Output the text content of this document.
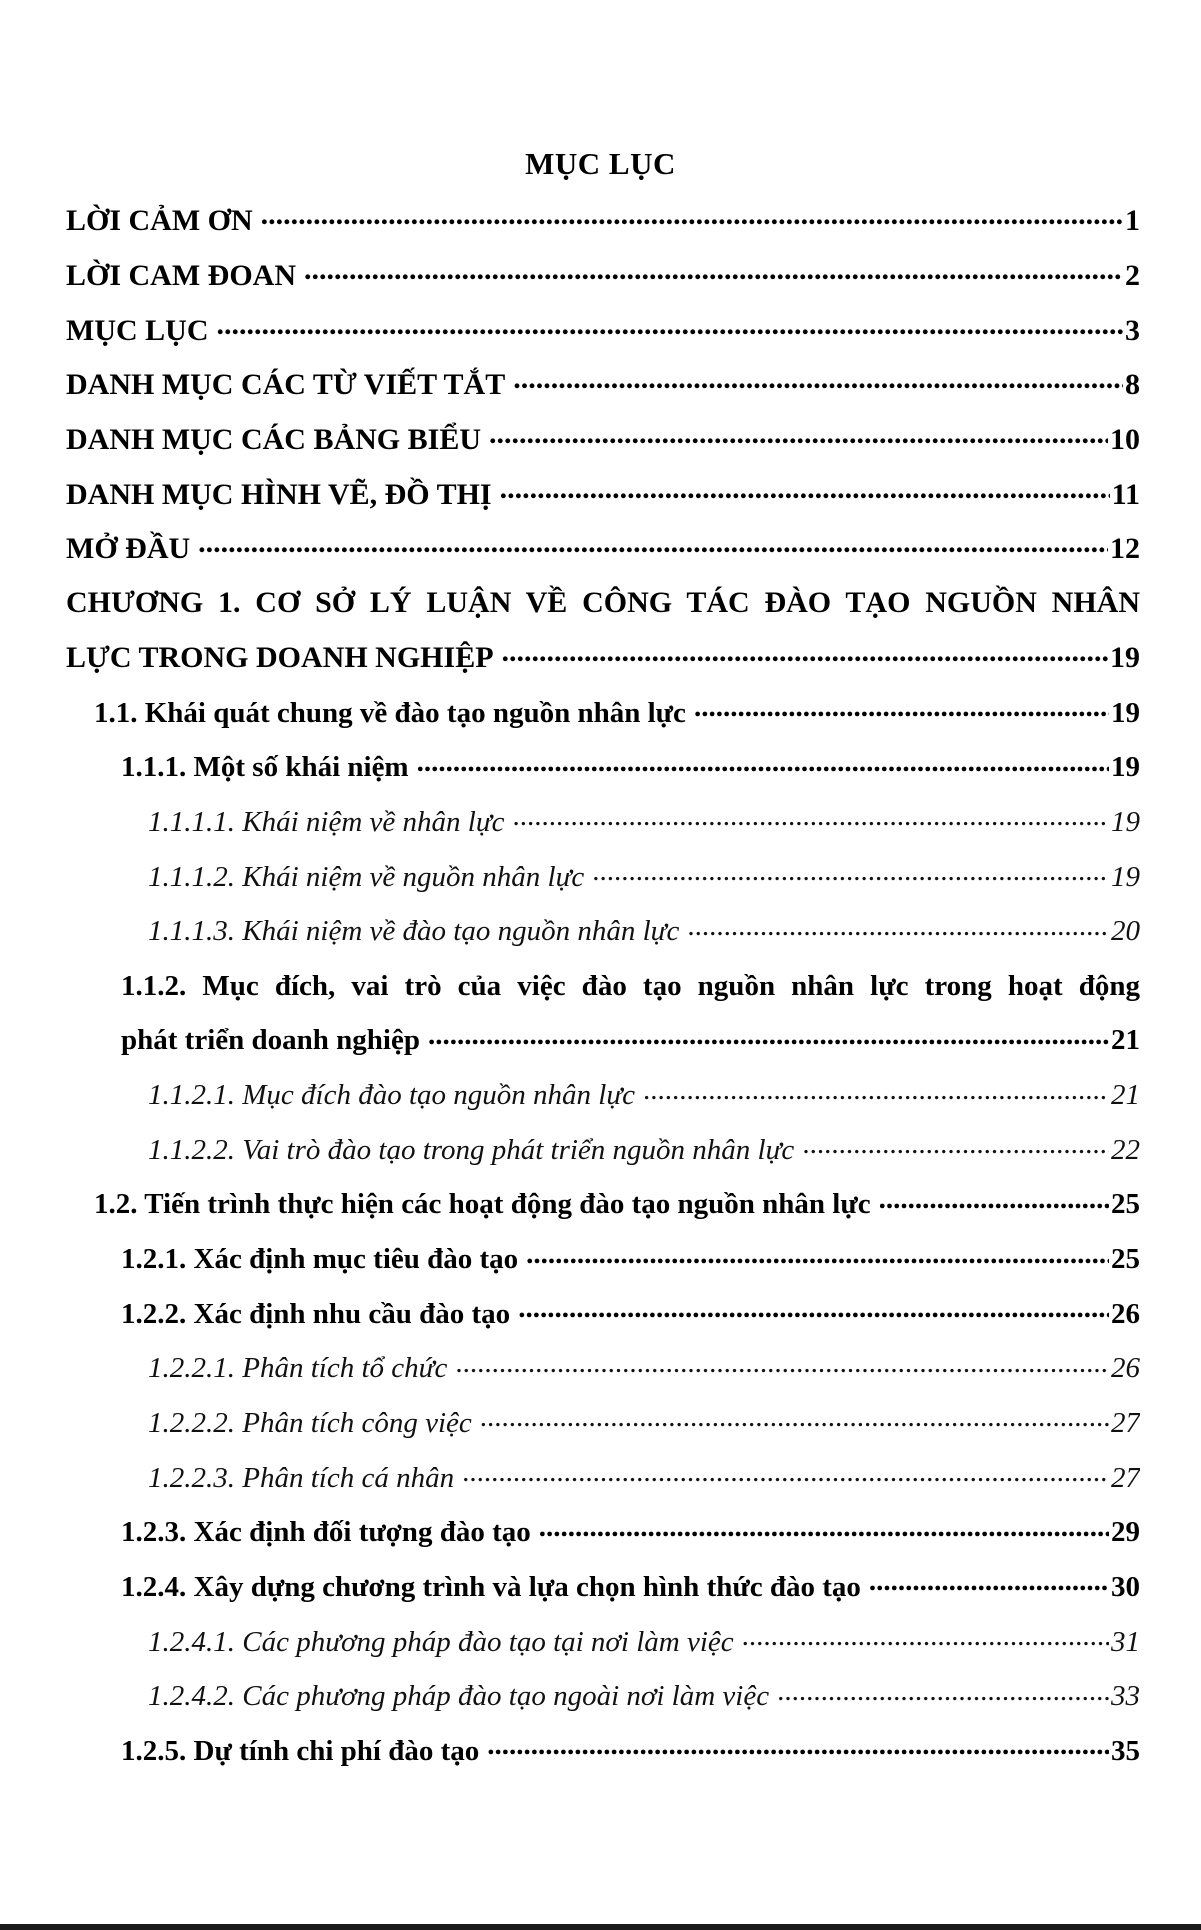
MỤC LỤC
LỜI CẢM ƠN .....	1
LỜI CAM ĐOAN .....	2
MỤC LỤC .....	3
DANH MỤC CÁC TỪ VIẾT TẮT .....	8
DANH MỤC CÁC BẢNG BIỂU .....	10
DANH MỤC HÌNH VẼ, ĐỒ THỊ .....	11
MỞ ĐẦU .....	12
CHƯƠNG 1. CƠ SỞ LÝ LUẬN VỀ CÔNG TÁC ĐÀO TẠO NGUỒN NHÂN
LỰC TRONG DOANH NGHIỆP .....	19
1.1. Khái quát chung về đào tạo nguồn nhân lực .....	19
1.1.1. Một số khái niệm .....	19
1.1.1.1. Khái niệm về nhân lực .....	19
1.1.1.2. Khái niệm về nguồn nhân lực .....	19
1.1.1.3. Khái niệm về đào tạo nguồn nhân lực .....	20
1.1.2. Mục đích, vai trò của việc đào tạo nguồn nhân lực trong hoạt động
phát triển doanh nghiệp .....	21
1.1.2.1. Mục đích đào tạo nguồn nhân lực .....	21
1.1.2.2. Vai trò đào tạo trong phát triển nguồn nhân lực .....	22
1.2. Tiến trình thực hiện các hoạt động đào tạo nguồn nhân lực .....	25
1.2.1. Xác định mục tiêu đào tạo .....	25
1.2.2. Xác định nhu cầu đào tạo .....	26
1.2.2.1. Phân tích tổ chức .....	26
1.2.2.2. Phân tích công việc .....	27
1.2.2.3. Phân tích cá nhân .....	27
1.2.3. Xác định đối tượng đào tạo .....	29
1.2.4. Xây dựng chương trình và lựa chọn hình thức đào tạo .....	30
1.2.4.1. Các phương pháp đào tạo tại nơi làm việc .....	31
1.2.4.2. Các phương pháp đào tạo ngoài nơi làm việc .....	33
1.2.5. Dự tính chi phí đào tạo .....	35
